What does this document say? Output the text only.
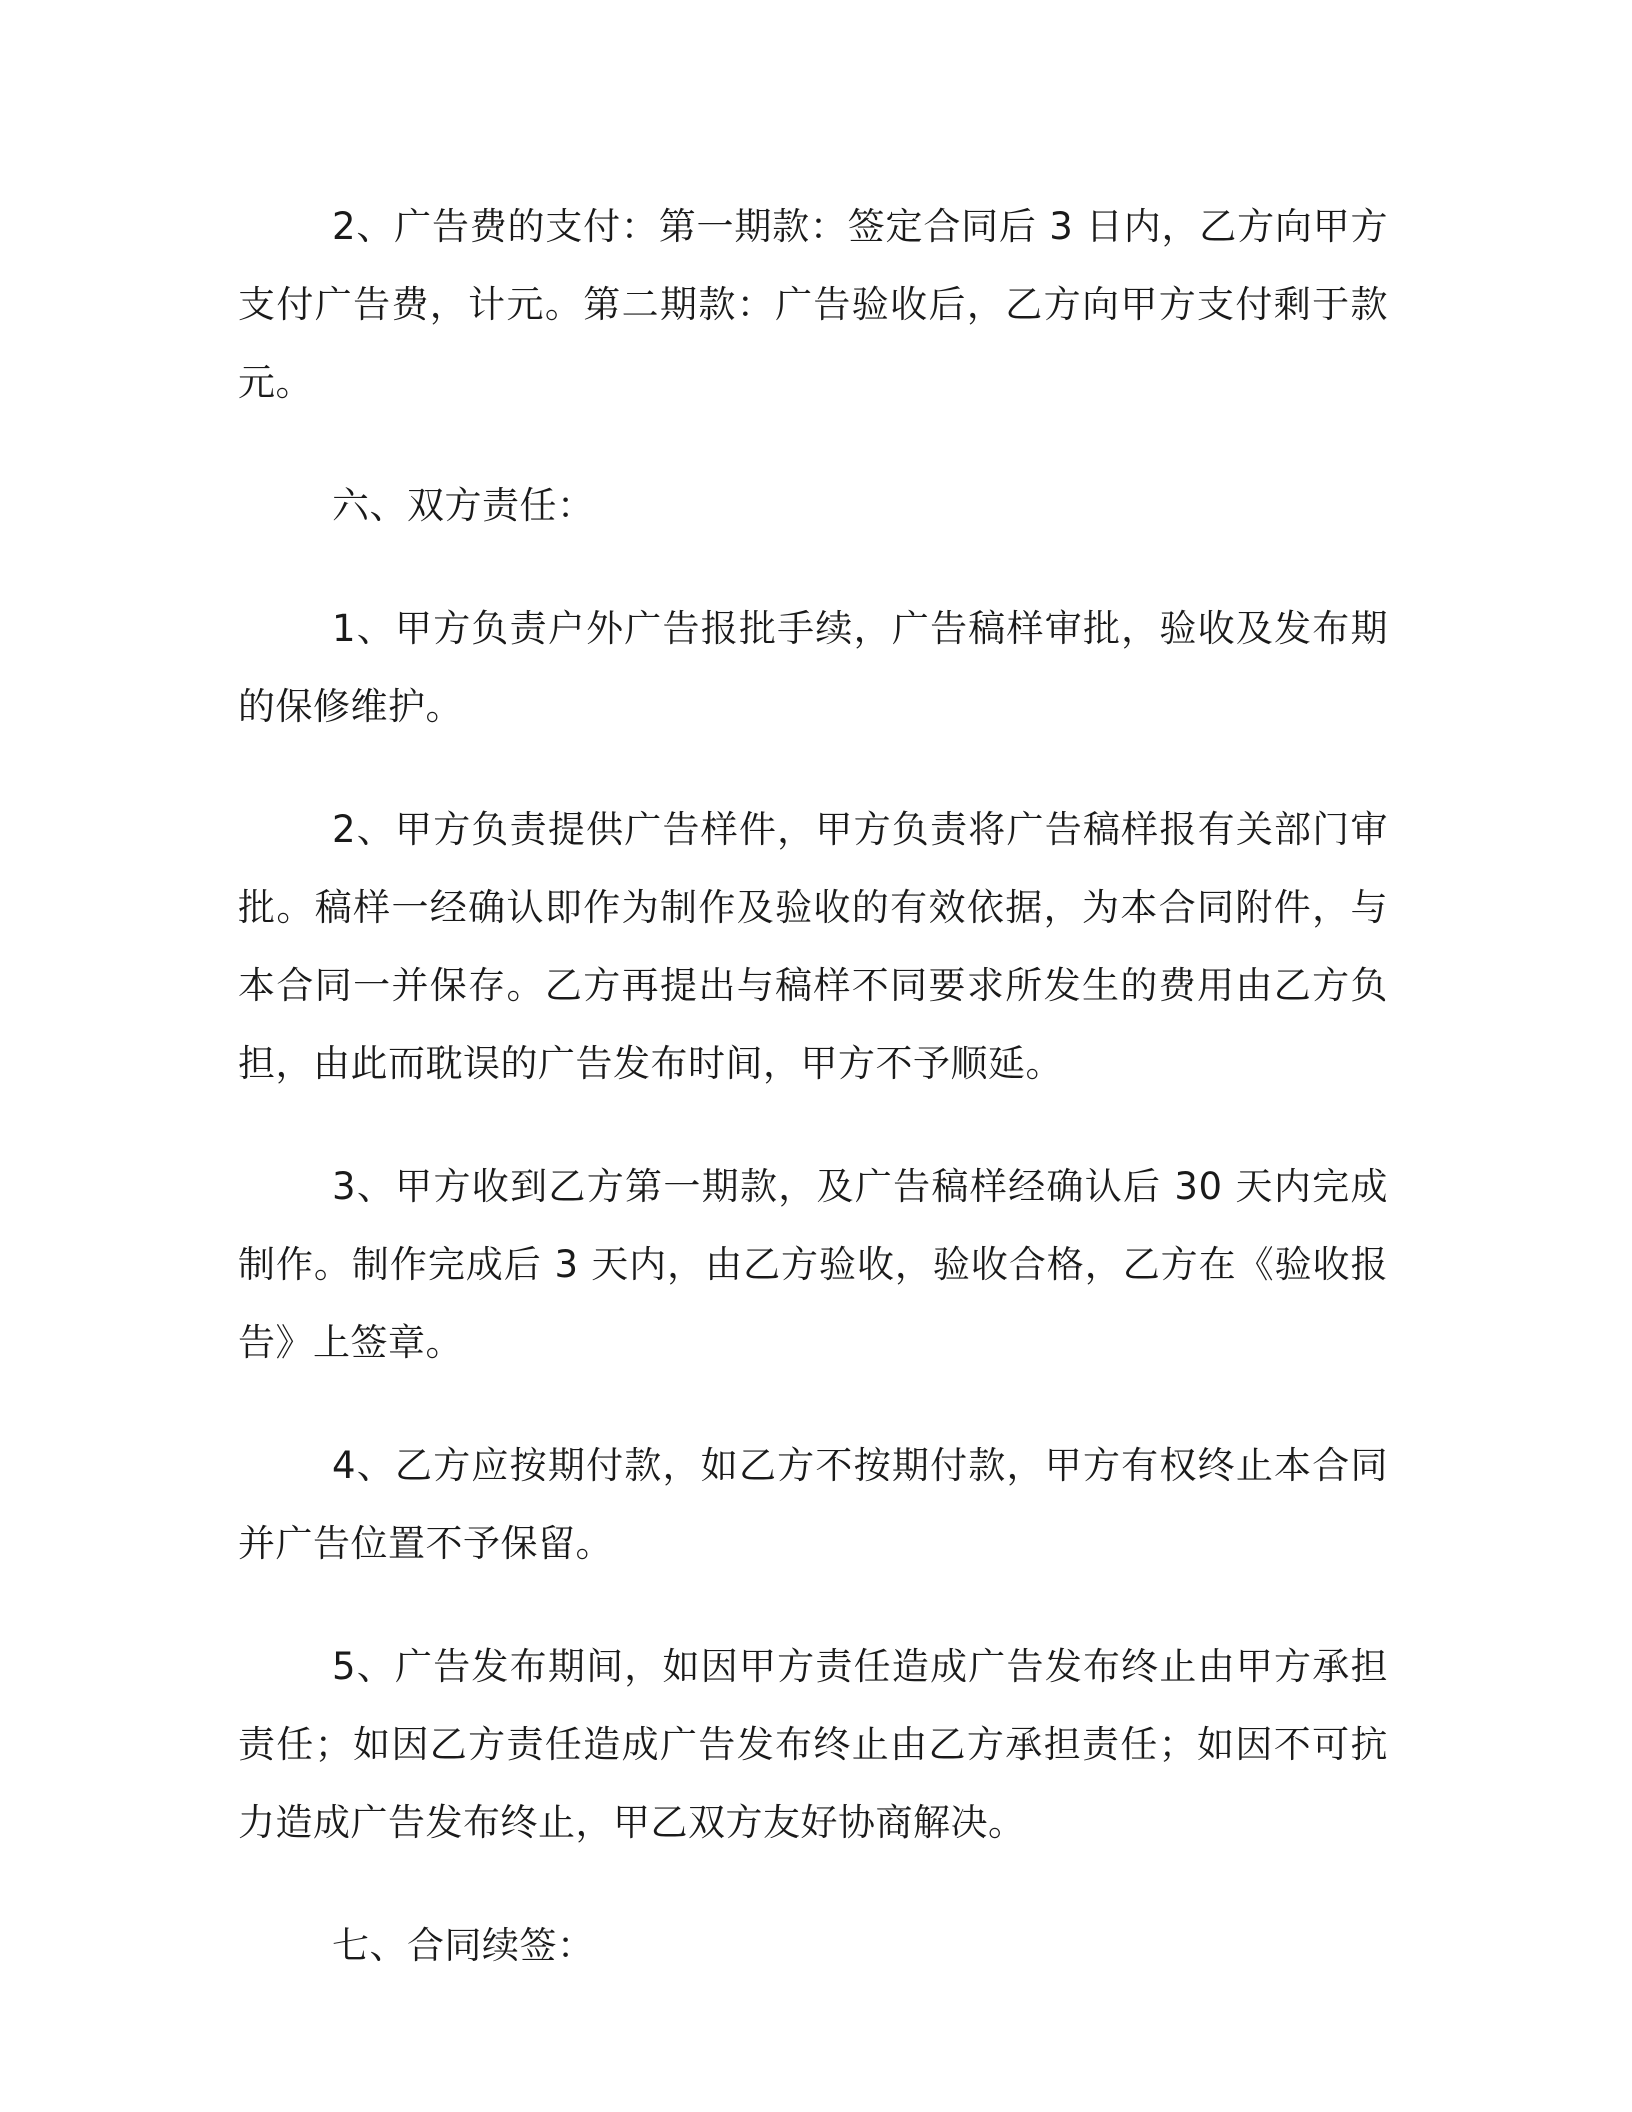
2、广告费的支付：第一期款：签定合同后 3 日内，乙方向甲方支付广告费，计元。第二期款：广告验收后，乙方向甲方支付剩于款元。

六、双方责任：

1、甲方负责户外广告报批手续，广告稿样审批，验收及发布期的保修维护。

2、甲方负责提供广告样件，甲方负责将广告稿样报有关部门审批。稿样一经确认即作为制作及验收的有效依据，为本合同附件，与本合同一并保存。乙方再提出与稿样不同要求所发生的费用由乙方负担，由此而耽误的广告发布时间，甲方不予顺延。

3、甲方收到乙方第一期款，及广告稿样经确认后 30 天内完成制作。制作完成后 3 天内，由乙方验收，验收合格，乙方在《验收报告》上签章。

4、乙方应按期付款，如乙方不按期付款，甲方有权终止本合同并广告位置不予保留。

5、广告发布期间，如因甲方责任造成广告发布终止由甲方承担责任；如因乙方责任造成广告发布终止由乙方承担责任；如因不可抗力造成广告发布终止，甲乙双方友好协商解决。

七、合同续签：
